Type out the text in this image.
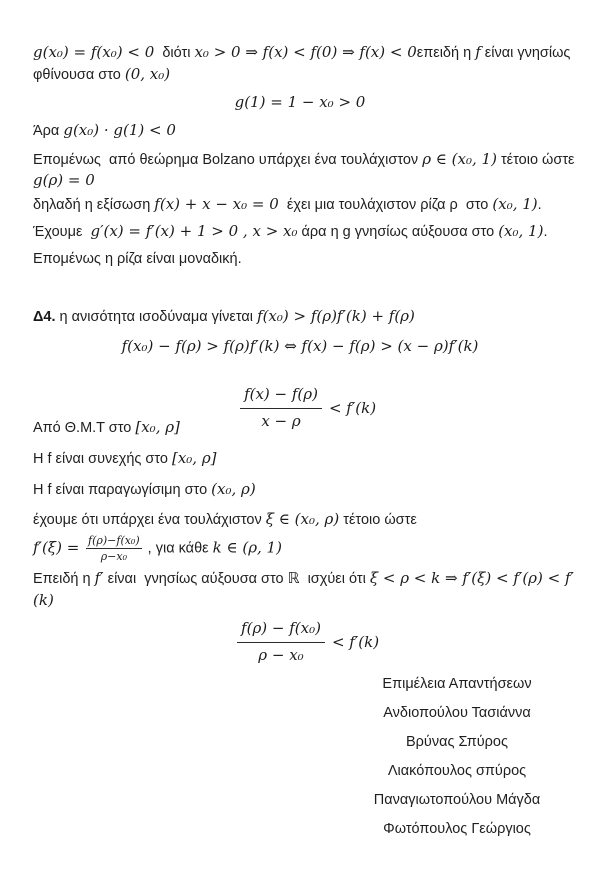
g(x₀) = f(x₀) < 0  διότι x₀ > 0 ⇒ f(x) < f(0) ⇒ f(x) < 0επειδή η f είναι γνησίως
φθίνουσα στο (0, x₀)
g(1) = 1 − x₀ > 0
Άρα g(x₀) · g(1) < 0
Επομένως  από θεώρημα Bolzano υπάρχει ένα τουλάχιστον ρ ∈ (x₀, 1) τέτοιο ώστε
g(ρ) = 0
δηλαδή η εξίσωση f(x) + x − x₀ = 0  έχει μια τουλάχιστον ρίζα ρ  στο (x₀, 1).
Έχουμε  g′(x) = f′(x) + 1 > 0 , x > x₀ άρα η g γνησίως αύξουσα στο (x₀, 1).
Επομένως η ρίζα είναι μοναδική.
Δ4. η ανισότητα ισοδύναμα γίνεται f(x₀) > f(ρ)f′(k) + f(ρ)
f(x₀) − f(ρ) > f(ρ)f′(k) ⇔ f(x) − f(ρ) > (x − ρ)f′(k)

$\frac{f(x) - f(\rho)}{x - \rho} < f'(k)$

Από Θ.Μ.Τ στο [x₀, ρ]
Η f είναι συνεχής στο [x₀, ρ]
Η f είναι παραγωγίσιμη στο (x₀, ρ)
έχουμε ότι υπάρχει ένα τουλάχιστον ξ ∈ (x₀, ρ) τέτοιο ώστε
$f'(\xi) = \frac{\text{f(ρ)−f(x₀)}}{\text{ρ−x₀}}$ , για κάθε k ∈ (ρ, 1)
Επειδή η f′ είναι  γνησίως αύξουσα στο ℝ  ισχύει ότι ξ < ρ < k ⇒ f′(ξ) < f′(ρ) < f′(k)

$\frac{\text{f(ρ) − f(x₀)}}{\text{ρ − x₀}} < f'(k)$

Επιμέλεια Απαντήσεων
Ανδιοπούλου Τασιάννα
Βρύνας Σπύρος
Λιακόπουλος σπύρος
Παναγιωτοπούλου Μάγδα
Φωτόπουλος Γεώργιος
